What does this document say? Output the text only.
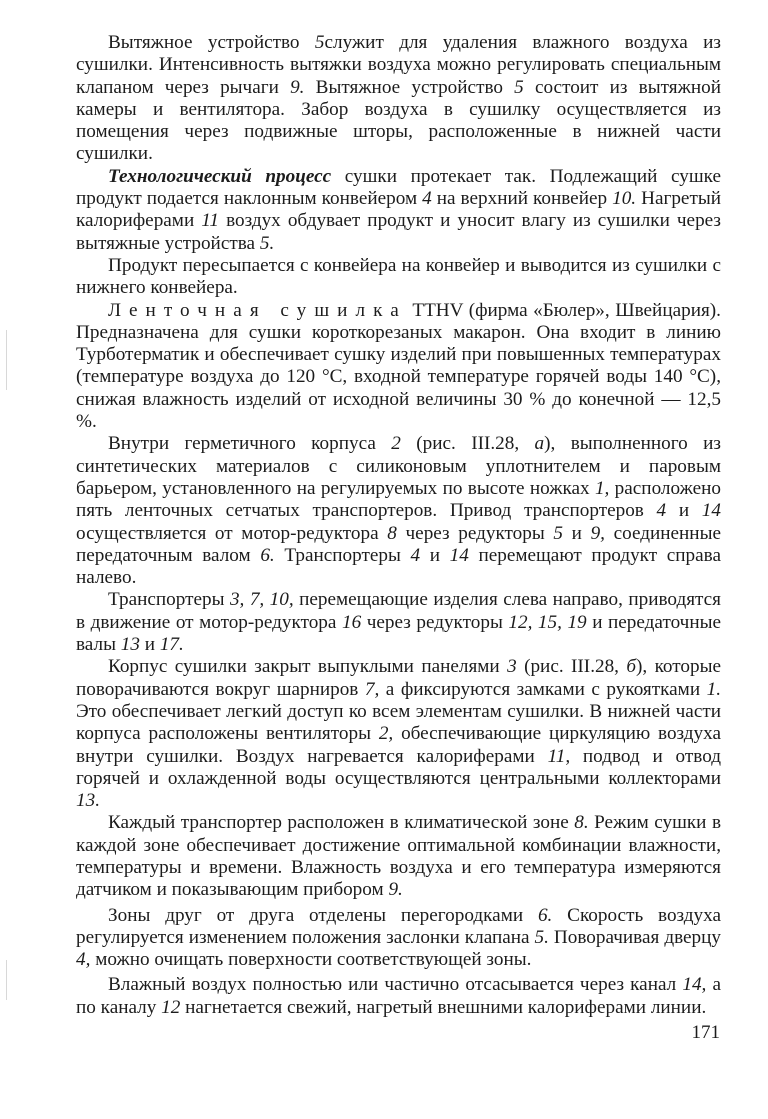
Вытяжное устройство 5служит для удаления влажного воздуха из сушилки. Интенсивность вытяжки воздуха можно регулировать специальным клапаном через рычаги 9. Вытяжное устройство 5 состоит из вытяжной камеры и вентилятора. Забор воздуха в сушилку осуществляется из помещения через подвижные шторы, расположенные в нижней части сушилки.

Технологический процесс сушки протекает так. Подлежащий сушке продукт подается наклонным конвейером 4 на верхний конвейер 10. Нагретый калориферами 11 воздух обдувает продукт и уносит влагу из сушилки через вытяжные устройства 5.

Продукт пересыпается с конвейера на конвейер и выводится из сушилки с нижнего конвейера.

Ленточная сушилка TTHV (фирма «Бюлер», Швейцария). Предназначена для сушки короткорезаных макарон. Она входит в линию Турботерматик и обеспечивает сушку изделий при повышенных температурах (температуре воздуха до 120 °С, входной температуре горячей воды 140 °С), снижая влажность изделий от исходной величины 30 % до конечной — 12,5 %.

Внутри герметичного корпуса 2 (рис. III.28, а), выполненного из синтетических материалов с силиконовым уплотнителем и паровым барьером, установленного на регулируемых по высоте ножках 1, расположено пять ленточных сетчатых транспортеров. Привод транспортеров 4 и 14 осуществляется от мотор-редуктора 8 через редукторы 5 и 9, соединенные передаточным валом 6. Транспортеры 4 и 14 перемещают продукт справа налево.

Транспортеры 3, 7, 10, перемещающие изделия слева направо, приводятся в движение от мотор-редуктора 16 через редукторы 12, 15, 19 и передаточные валы 13 и 17.

Корпус сушилки закрыт выпуклыми панелями 3 (рис. III.28, б), которые поворачиваются вокруг шарниров 7, а фиксируются замками с рукоятками 1. Это обеспечивает легкий доступ ко всем элементам сушилки. В нижней части корпуса расположены вентиляторы 2, обеспечивающие циркуляцию воздуха внутри сушилки. Воздух нагревается калориферами 11, подвод и отвод горячей и охлажденной воды осуществляются центральными коллекторами 13.

Каждый транспортер расположен в климатической зоне 8. Режим сушки в каждой зоне обеспечивает достижение оптимальной комбинации влажности, температуры и времени. Влажность воздуха и его температура измеряются датчиком и показывающим прибором 9.

Зоны друг от друга отделены перегородками 6. Скорость воздуха регулируется изменением положения заслонки клапана 5. Поворачивая дверцу 4, можно очищать поверхности соответствующей зоны.

Влажный воздух полностью или частично отсасывается через канал 14, а по каналу 12 нагнетается свежий, нагретый внешними калориферами линии.

171
